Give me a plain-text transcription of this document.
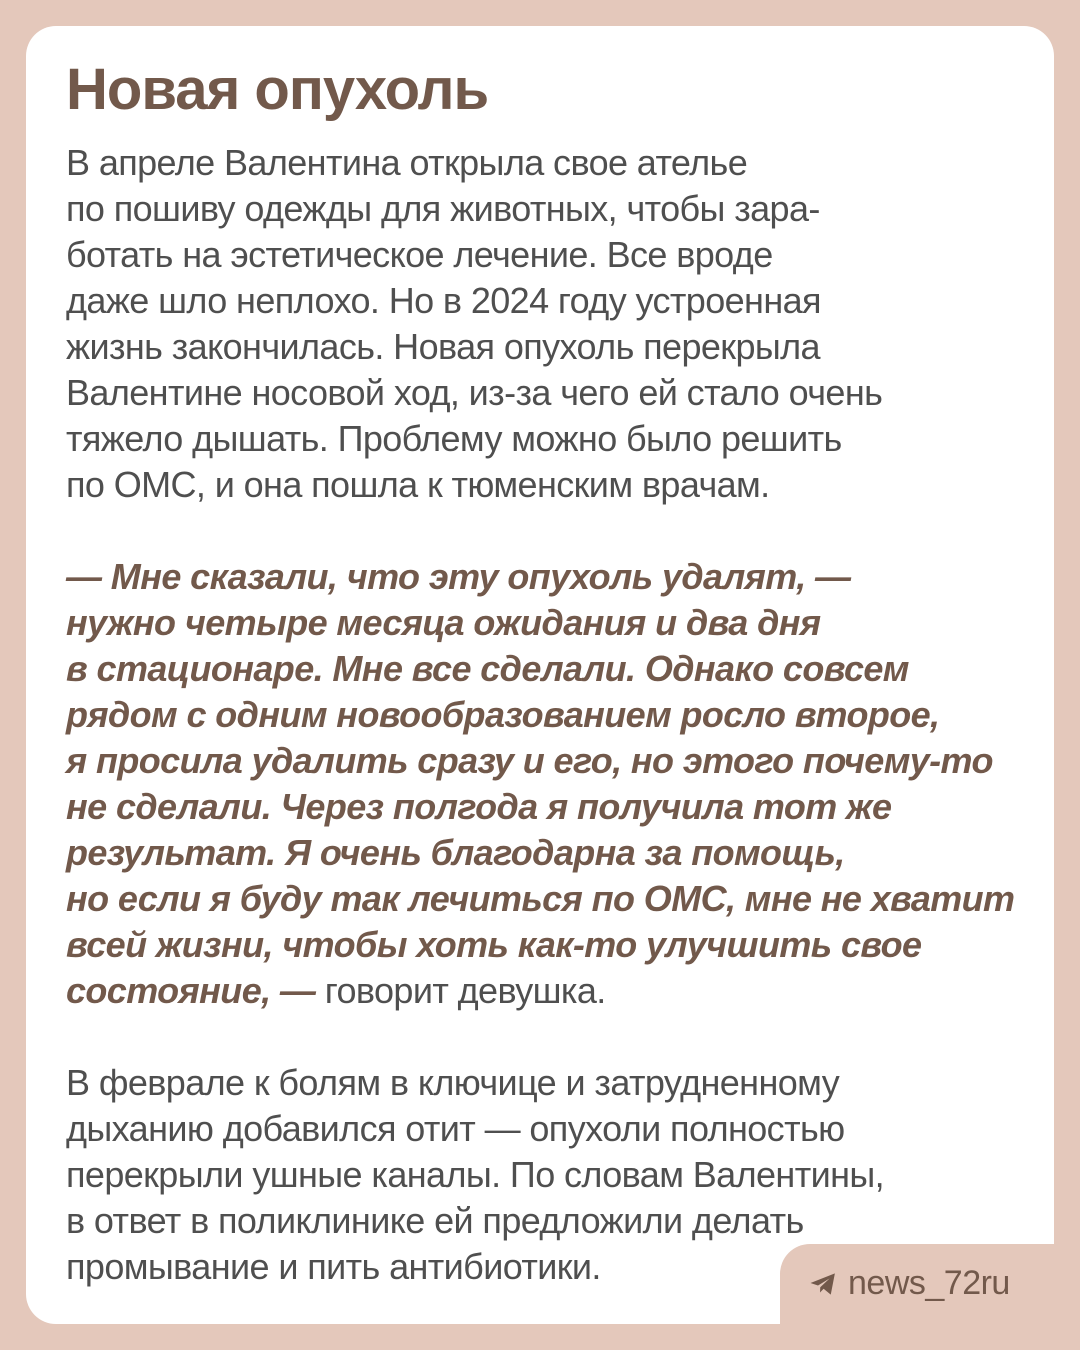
Новая опухоль

В апреле Валентина открыла свое ателье
по пошиву одежды для животных, чтобы зара-
ботать на эстетическое лечение. Все вроде
даже шло неплохо. Но в 2024 году устроенная
жизнь закончилась. Новая опухоль перекрыла
Валентине носовой ход, из-за чего ей стало очень
тяжело дышать. Проблему можно было решить
по ОМС, и она пошла к тюменским врачам.

— Мне сказали, что эту опухоль удалят, —
нужно четыре месяца ожидания и два дня
в стационаре. Мне все сделали. Однако совсем
рядом с одним новообразованием росло второе,
я просила удалить сразу и его, но этого почему-то
не сделали. Через полгода я получила тот же
результат. Я очень благодарна за помощь,
но если я буду так лечиться по ОМС, мне не хватит
всей жизни, чтобы хоть как-то улучшить свое
состояние, — говорит девушка.

В феврале к болям в ключице и затрудненному
дыханию добавился отит — опухоли полностью
перекрыли ушные каналы. По словам Валентины,
в ответ в поликлинике ей предложили делать
промывание и пить антибиотики.	news_72ru
